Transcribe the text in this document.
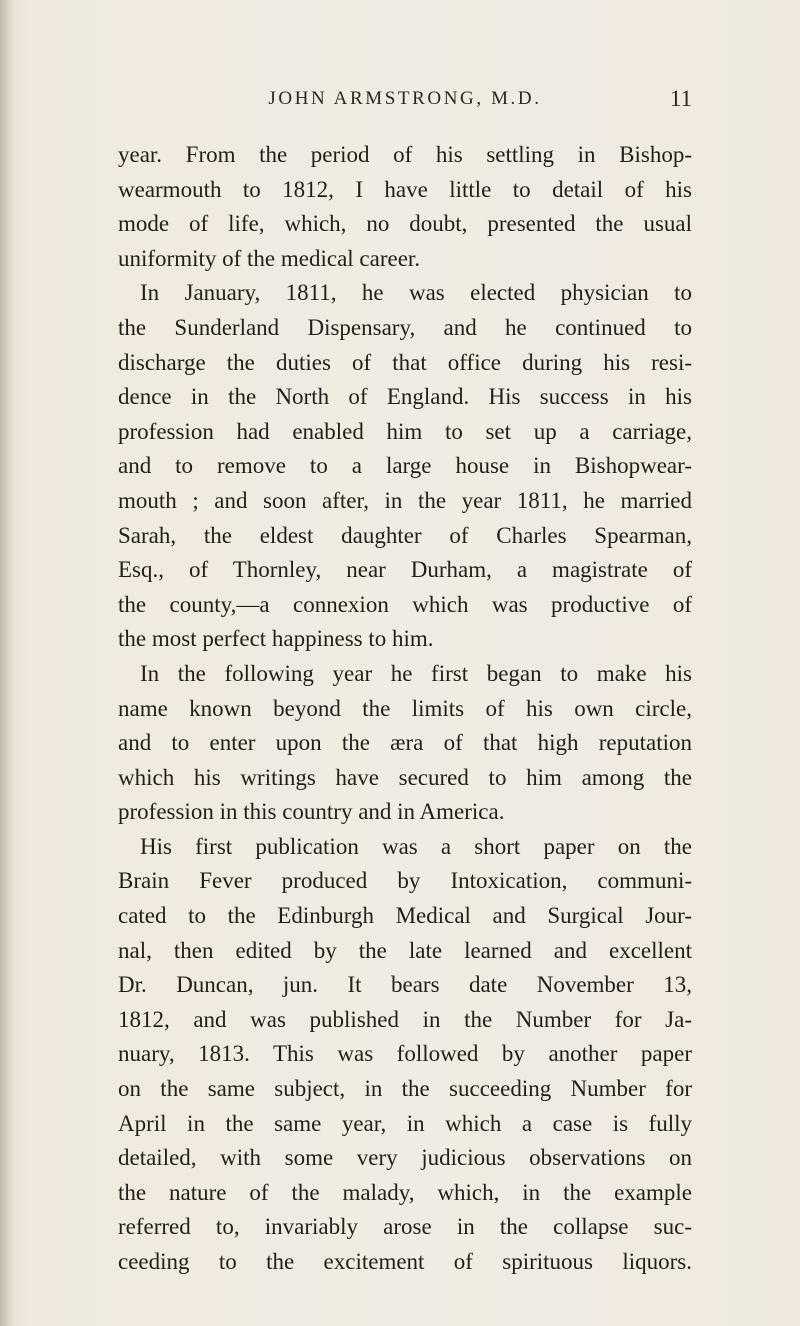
JOHN ARMSTRONG, M.D.	11
year. From the period of his settling in Bishop-
wearmouth to 1812, I have little to detail of his
mode of life, which, no doubt, presented the usual
uniformity of the medical career.
In January, 1811, he was elected physician to
the Sunderland Dispensary, and he continued to
discharge the duties of that office during his resi-
dence in the North of England. His success in his
profession had enabled him to set up a carriage,
and to remove to a large house in Bishopwear-
mouth ; and soon after, in the year 1811, he married
Sarah, the eldest daughter of Charles Spearman,
Esq., of Thornley, near Durham, a magistrate of
the county,—a connexion which was productive of
the most perfect happiness to him.
In the following year he first began to make his
name known beyond the limits of his own circle,
and to enter upon the æra of that high reputation
which his writings have secured to him among the
profession in this country and in America.
His first publication was a short paper on the
Brain Fever produced by Intoxication, communi-
cated to the Edinburgh Medical and Surgical Jour-
nal, then edited by the late learned and excellent
Dr. Duncan, jun. It bears date November 13,
1812, and was published in the Number for Ja-
nuary, 1813. This was followed by another paper
on the same subject, in the succeeding Number for
April in the same year, in which a case is fully
detailed, with some very judicious observations on
the nature of the malady, which, in the example
referred to, invariably arose in the collapse suc-
ceeding to the excitement of spirituous liquors.
